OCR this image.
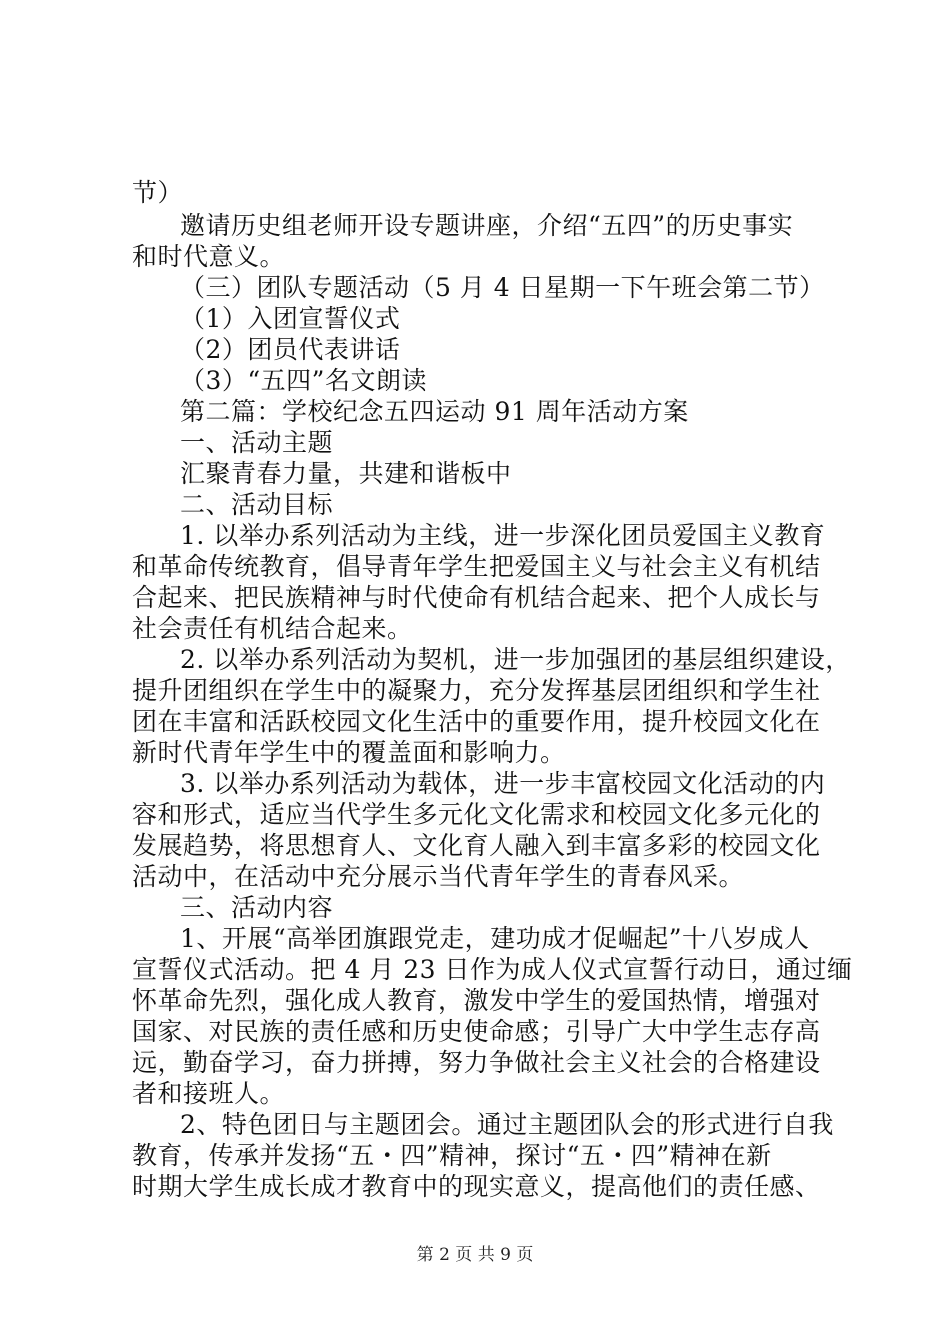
节）
邀请历史组老师开设专题讲座，介绍“五四”的历史事实
和时代意义。
（三）团队专题活动（5 月 4 日星期一下午班会第二节）
（1）入团宣誓仪式
（2）团员代表讲话
（3）“五四”名文朗读
第二篇：学校纪念五四运动 91 周年活动方案
一、活动主题
汇聚青春力量，共建和谐板中
二、活动目标
1. 以举办系列活动为主线，进一步深化团员爱国主义教育
和革命传统教育，倡导青年学生把爱国主义与社会主义有机结
合起来、把民族精神与时代使命有机结合起来、把个人成长与
社会责任有机结合起来。
2. 以举办系列活动为契机，进一步加强团的基层组织建设，
提升团组织在学生中的凝聚力，充分发挥基层团组织和学生社
团在丰富和活跃校园文化生活中的重要作用，提升校园文化在
新时代青年学生中的覆盖面和影响力。
3. 以举办系列活动为载体，进一步丰富校园文化活动的内
容和形式，适应当代学生多元化文化需求和校园文化多元化的
发展趋势，将思想育人、文化育人融入到丰富多彩的校园文化
活动中，在活动中充分展示当代青年学生的青春风采。
三、活动内容
1、开展“高举团旗跟党走，建功成才促崛起”十八岁成人
宣誓仪式活动。把 4 月 23 日作为成人仪式宣誓行动日，通过缅
怀革命先烈，强化成人教育，激发中学生的爱国热情，增强对
国家、对民族的责任感和历史使命感；引导广大中学生志存高
远，勤奋学习，奋力拼搏，努力争做社会主义社会的合格建设
者和接班人。
2、特色团日与主题团会。通过主题团队会的形式进行自我
教育，传承并发扬“五・四”精神，探讨“五・四”精神在新
时期大学生成长成才教育中的现实意义，提高他们的责任感、
第 2 页 共 9 页
